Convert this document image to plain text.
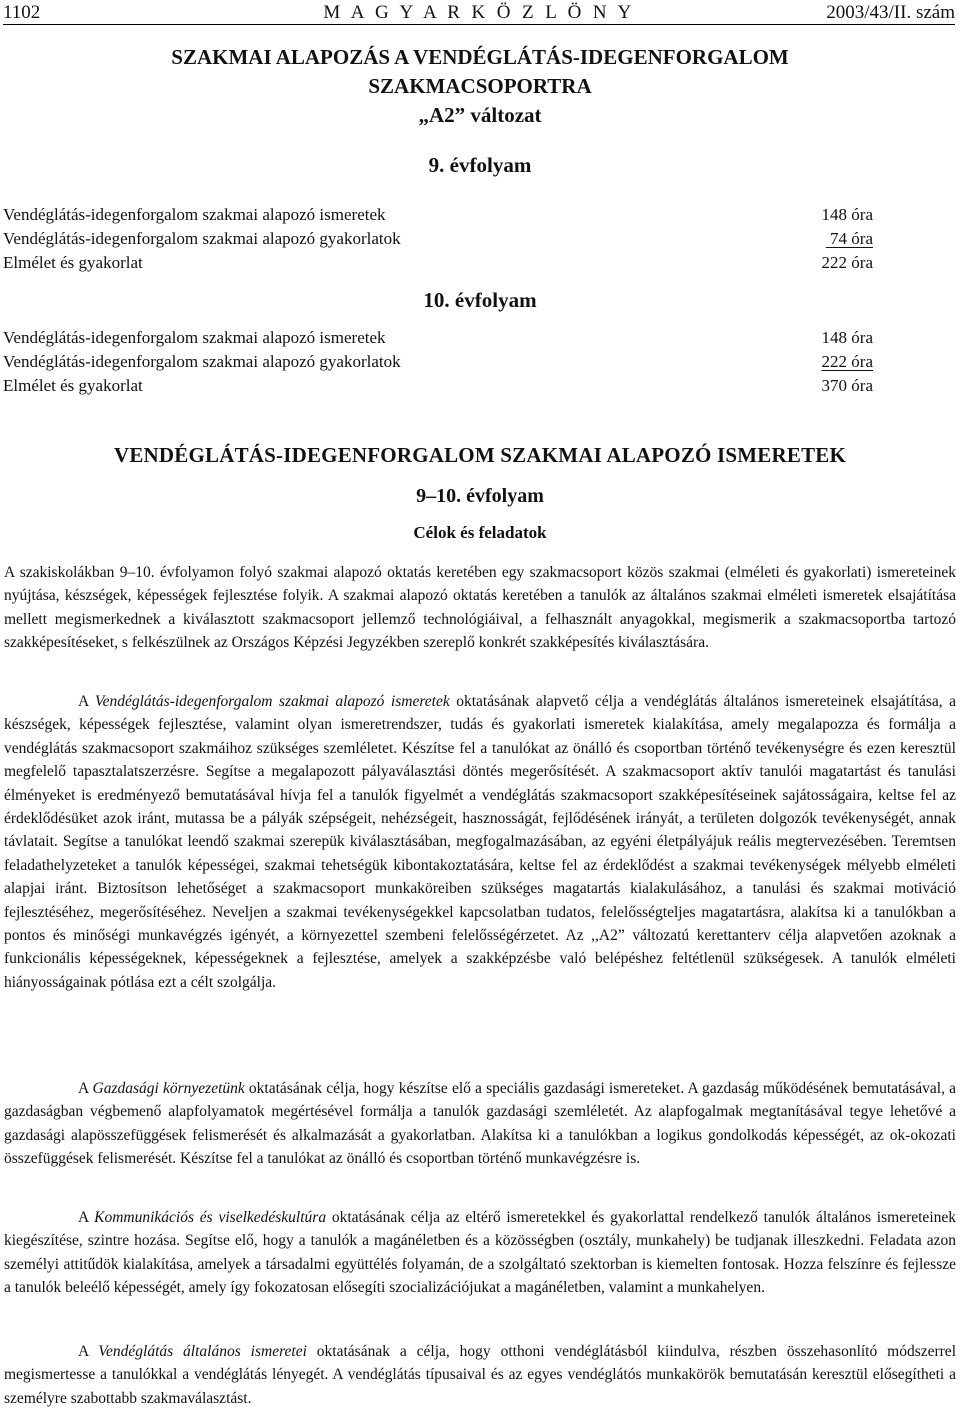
1102	M A G Y A R K Ö Z L Ö N Y	2003/43/II. szám
SZAKMAI ALAPOZÁS A VENDÉGLÁTÁS-IDEGENFORGALOM
SZAKMACSOPORTRA
„A2” változat
9. évfolyam
Vendéglátás-idegenforgalom szakmai alapozó ismeretek	148 óra
Vendéglátás-idegenforgalom szakmai alapozó gyakorlatok	74 óra
Elmélet és gyakorlat	222 óra
10. évfolyam
Vendéglátás-idegenforgalom szakmai alapozó ismeretek	148 óra
Vendéglátás-idegenforgalom szakmai alapozó gyakorlatok	222 óra
Elmélet és gyakorlat	370 óra
VENDÉGLÁTÁS-IDEGENFORGALOM SZAKMAI ALAPOZÓ ISMERETEK
9–10. évfolyam
Célok és feladatok

A szakiskolákban 9–10. évfolyamon folyó szakmai alapozó oktatás keretében egy szakmacsoport közös szakmai (elméleti és gyakorlati) ismereteinek nyújtása, készségek, képességek fejlesztése folyik. A szakmai alapozó oktatás keretében a tanulók az általános szakmai elméleti ismeretek elsajátítása mellett megismerkednek a kiválasztott szakmacsoport jellemző technológiáival, a felhasznált anyagokkal, megismerik a szakmacsoportba tartozó szakképesítéseket, s felkészülnek az Országos Képzési Jegyzékben szereplő konkrét szakképesítés kiválasztására.

A Vendéglátás-idegenforgalom szakmai alapozó ismeretek oktatásának alapvető célja a vendéglátás általános ismereteinek elsajátítása, a készségek, képességek fejlesztése, valamint olyan ismeretrendszer, tudás és gyakorlati ismeretek kialakítása, amely megalapozza és formálja a vendéglátás szakmacsoport szakmáihoz szükséges szemléletet. Készítse fel a tanulókat az önálló és csoportban történő tevékenységre és ezen keresztül megfelelő tapasztalatszerzésre. Segítse a megalapozott pályaválasztási döntés megerősítését. A szakmacsoport aktív tanulói magatartást és tanulási élményeket is eredményező bemutatásával hívja fel a tanulók figyelmét a vendéglátás szakmacsoport szakképesítéseinek sajátosságaira, keltse fel az érdeklődésüket azok iránt, mutassa be a pályák szépségeit, nehézségeit, hasznosságát, fejlődésének irányát, a területen dolgozók tevékenységét, annak távlatait. Segítse a tanulókat leendő szakmai szerepük kiválasztásában, megfogalmazásában, az egyéni életpályájuk reális megtervezésében. Teremtsen feladathelyzeteket a tanulók képességei, szakmai tehetségük kibontakoztatására, keltse fel az érdeklődést a szakmai tevékenységek mélyebb elméleti alapjai iránt. Biztosítson lehetőséget a szakmacsoport munkaköreiben szükséges magatartás kialakulásához, a tanulási és szakmai motiváció fejlesztéséhez, megerősítéséhez. Neveljen a szakmai tevékenységekkel kapcsolatban tudatos, felelősségteljes magatartásra, alakítsa ki a tanulókban a pontos és minőségi munkavégzés igényét, a környezettel szembeni felelősségérzetet. Az ,,A2” változatú kerettanterv célja alapvetően azoknak a funkcionális képességeknek, képességeknek a fejlesztése, amelyek a szakképzésbe való belépéshez feltétlenül szükségesek. A tanulók elméleti hiányosságainak pótlása ezt a célt szolgálja.

A Gazdasági környezetünk oktatásának célja, hogy készítse elő a speciális gazdasági ismereteket. A gazdaság működésének bemutatásával, a gazdaságban végbemenő alapfolyamatok megértésével formálja a tanulók gazdasági szemléletét. Az alapfogalmak megtanításával tegye lehetővé a gazdasági alapösszefüggések felismerését és alkalmazását a gyakorlatban. Alakítsa ki a tanulókban a logikus gondolkodás képességét, az ok-okozati összefüggések felismerését. Készítse fel a tanulókat az önálló és csoportban történő munkavégzésre is.

A Kommunikációs és viselkedéskultúra oktatásának célja az eltérő ismeretekkel és gyakorlattal rendelkező tanulók általános ismereteinek kiegészítése, szintre hozása. Segítse elő, hogy a tanulók a magánéletben és a közösségben (osztály, munkahely) be tudjanak illeszkedni. Feladata azon személyi attitűdök kialakítása, amelyek a társadalmi együttélés folyamán, de a szolgáltató szektorban is kiemelten fontosak. Hozza felszínre és fejlessze a tanulók beleélő képességét, amely így fokozatosan elősegíti szocializációjukat a magánéletben, valamint a munkahelyen.

A Vendéglátás általános ismeretei oktatásának a célja, hogy otthoni vendéglátásból kiindulva, részben összehasonlító módszerrel megismertesse a tanulókkal a vendéglátás lényegét. A vendéglátás típusaival és az egyes vendéglátós munkakörök bemutatásán keresztül elősegítheti a személyre szabottabb szakmaválasztást.
